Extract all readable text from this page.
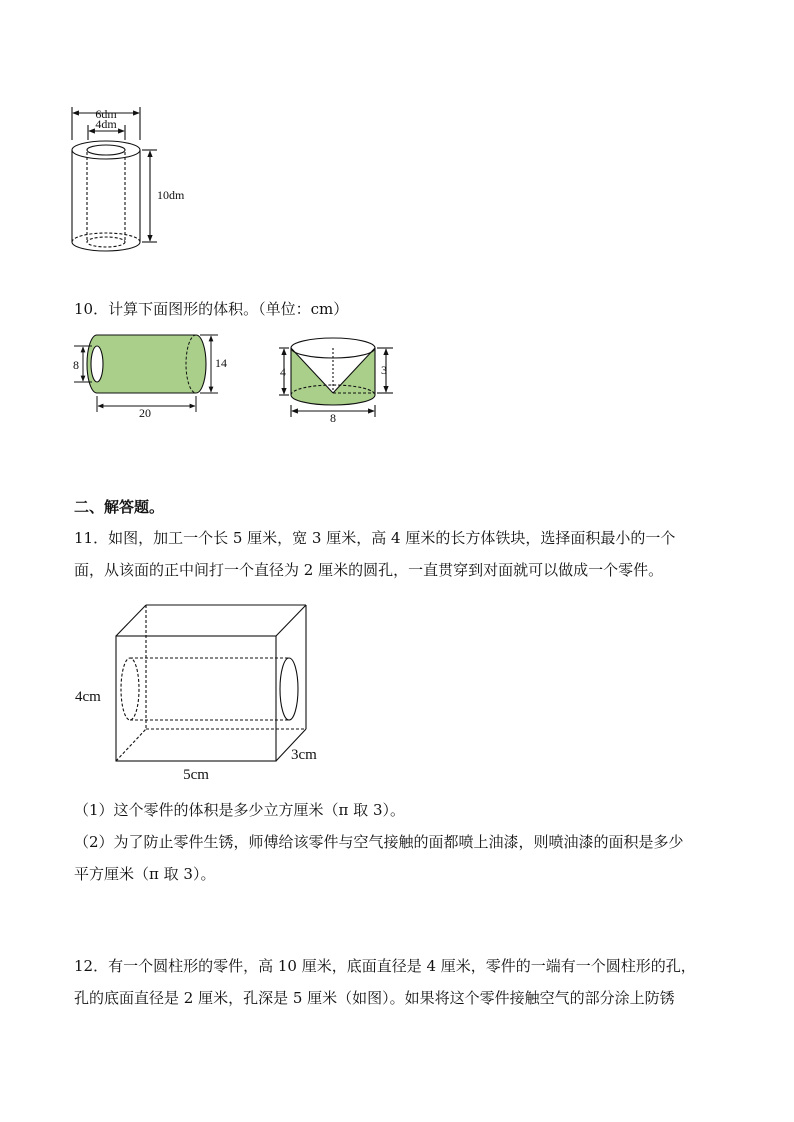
6dm
4dm
10dm
10．计算下面图形的体积。（单位：cm）
8	14
20
4	3
8
二、解答题。
11．如图，加工一个长 5 厘米，宽 3 厘米，高 4 厘米的长方体铁块，选择面积最小的一个
面，从该面的正中间打一个直径为 2 厘米的圆孔，一直贯穿到对面就可以做成一个零件。
4cm
5cm
3cm
（1）这个零件的体积是多少立方厘米（π 取 3）。
（2）为了防止零件生锈，师傅给该零件与空气接触的面都喷上油漆，则喷油漆的面积是多少
平方厘米（π 取 3）。
12．有一个圆柱形的零件，高 10 厘米，底面直径是 4 厘米，零件的一端有一个圆柱形的孔，
孔的底面直径是 2 厘米，孔深是 5 厘米（如图）。如果将这个零件接触空气的部分涂上防锈
